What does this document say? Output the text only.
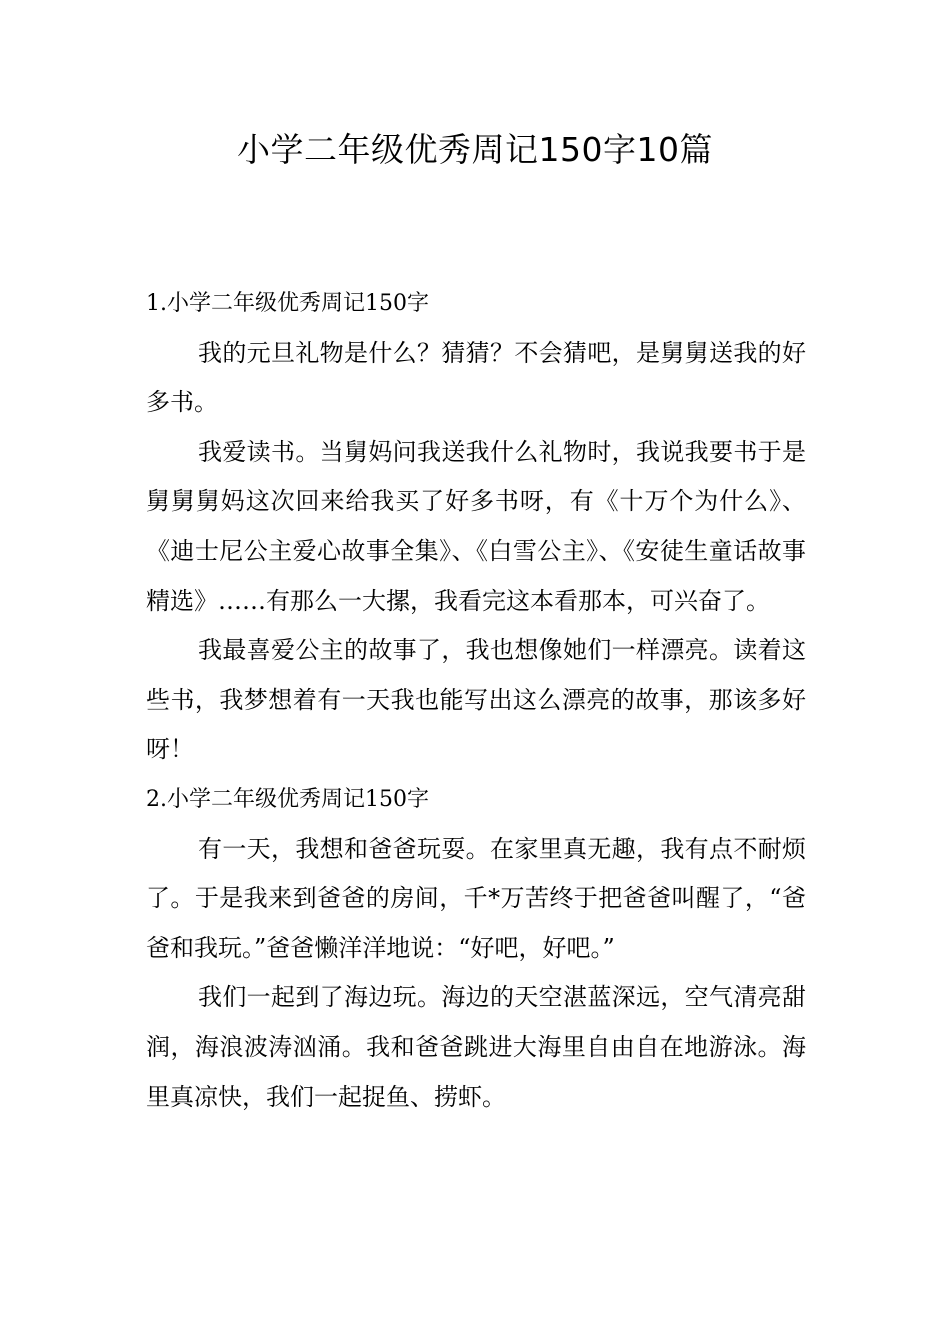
小学二年级优秀周记150字10篇
1.小学二年级优秀周记150字

我的元旦礼物是什么？猜猜？不会猜吧，是舅舅送我的好多书。

我爱读书。当舅妈问我送我什么礼物时，我说我要书于是舅舅舅妈这次回来给我买了好多书呀，有《十万个为什么》、《迪士尼公主爱心故事全集》、《白雪公主》、《安徒生童话故事精选》……有那么一大摞，我看完这本看那本，可兴奋了。

我最喜爱公主的故事了，我也想像她们一样漂亮。读着这些书，我梦想着有一天我也能写出这么漂亮的故事，那该多好呀！

2.小学二年级优秀周记150字

有一天，我想和爸爸玩耍。在家里真无趣，我有点不耐烦了。于是我来到爸爸的房间，千*万苦终于把爸爸叫醒了，“爸爸和我玩。”爸爸懒洋洋地说：“好吧，好吧。”

我们一起到了海边玩。海边的天空湛蓝深远，空气清亮甜润，海浪波涛汹涌。我和爸爸跳进大海里自由自在地游泳。海里真凉快，我们一起捉鱼、捞虾。
